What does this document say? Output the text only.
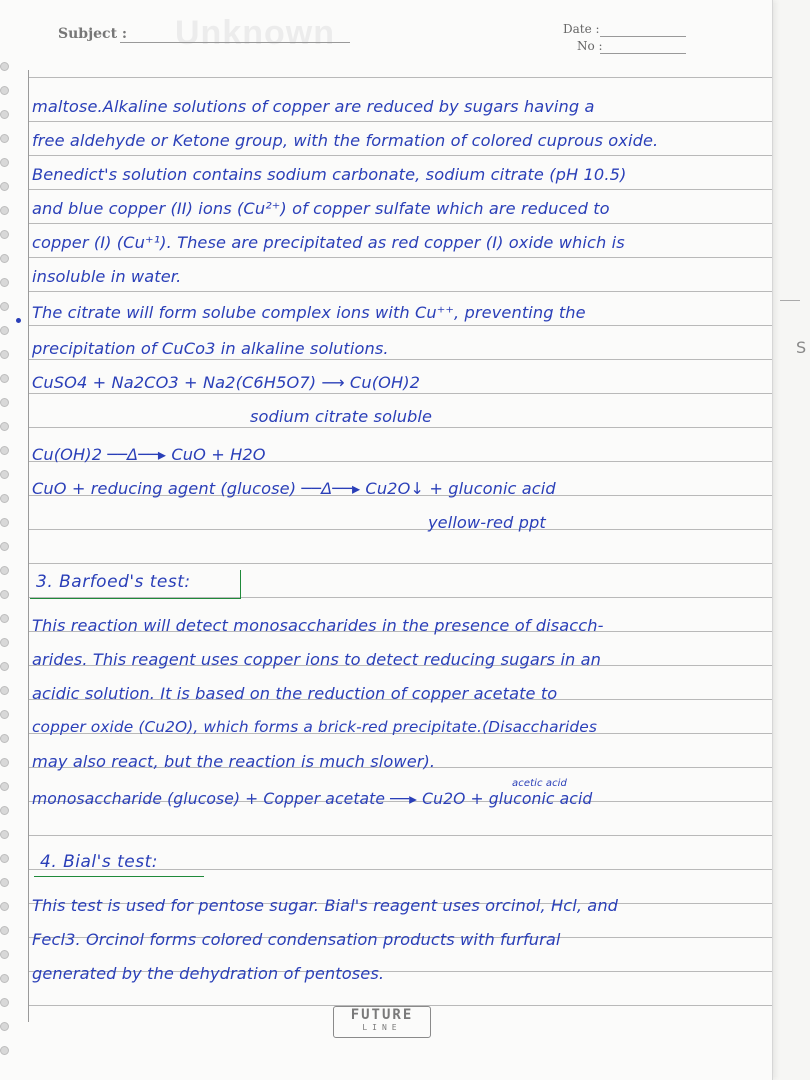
Unknown
Subject :	Date :
No :
maltose.Alkaline solutions of copper are reduced by sugars having a
free aldehyde or Ketone group, with the formation of colored cuprous oxide.
Benedict's solution contains sodium carbonate, sodium citrate (pH 10.5)
and blue copper (II) ions (Cu²⁺) of copper sulfate which are reduced to
copper (I) (Cu⁺¹). These are precipitated as red copper (I) oxide which is
insoluble in water.
The citrate will form solube complex ions with Cu⁺⁺, preventing the
precipitation of CuCo3 in alkaline solutions.
CuSO4 + Na2CO3 + Na2(C6H5O7) ⟶ Cu(OH)2
sodium citrate soluble
Cu(OH)2 ──Δ──▸ CuO + H2O
CuO + reducing agent (glucose) ──Δ──▸ Cu2O↓ + gluconic acid
yellow-red ppt
3. Barfoed's test:
This reaction will detect monosaccharides in the presence of disacch-
arides. This reagent uses copper ions to detect reducing sugars in an
acidic solution. It is based on the reduction of copper acetate to
copper oxide (Cu2O), which forms a brick-red precipitate.(Disaccharides
may also react, but the reaction is much slower).
acetic acid
monosaccharide (glucose) + Copper acetate ──▸ Cu2O + gluconic acid
4. Bial's test:
This test is used for pentose sugar. Bial's reagent uses orcinol, Hcl, and
Fecl3. Orcinol forms colored condensation products with furfural
generated by the dehydration of pentoses.
FUTURE
LINE
S
